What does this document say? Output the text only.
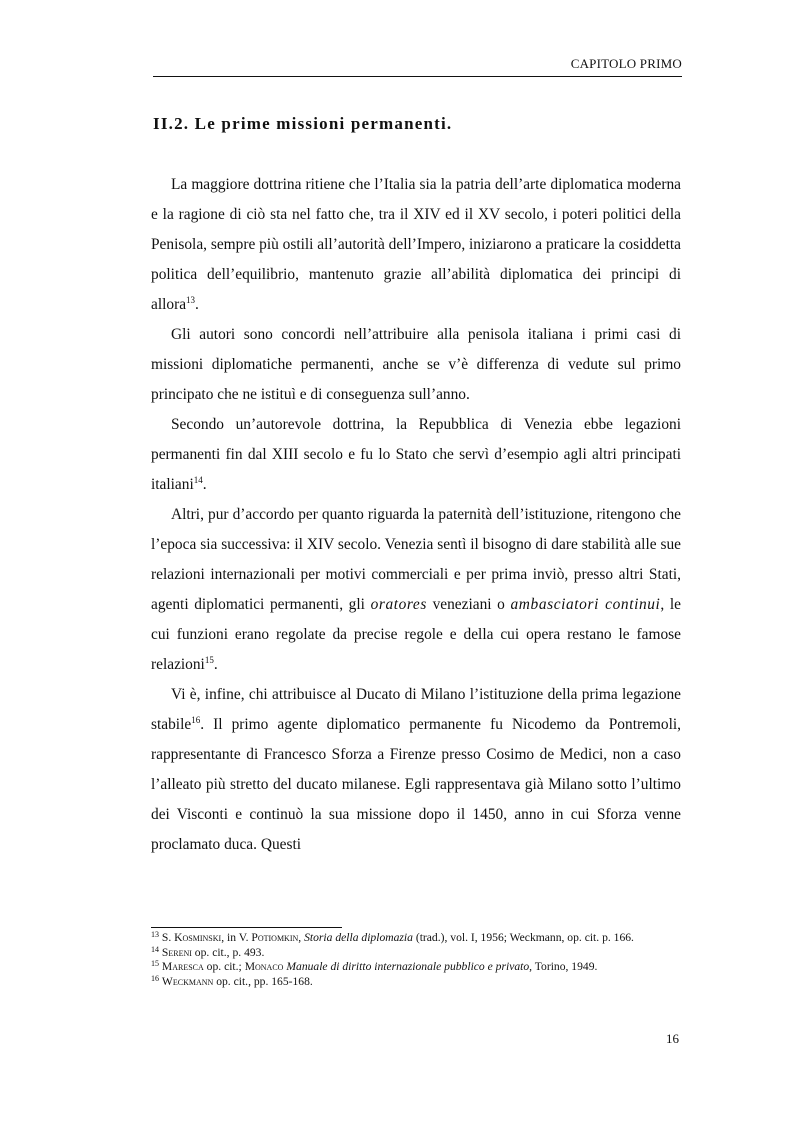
CAPITOLO PRIMO
II.2. Le prime missioni permanenti.

La maggiore dottrina ritiene che l’Italia sia la patria dell’arte diplomatica moderna e la ragione di ciò sta nel fatto che, tra il XIV ed il XV secolo, i poteri politici della Penisola, sempre più ostili all’autorità dell’Impero, iniziarono a praticare la cosiddetta politica dell’equilibrio, mantenuto grazie all’abilità diplomatica dei principi di allora$^{13}$.

Gli autori sono concordi nell’attribuire alla penisola italiana i primi casi di missioni diplomatiche permanenti, anche se v’è differenza di vedute sul primo principato che ne istituì e di conseguenza sull’anno.

Secondo un’autorevole dottrina, la Repubblica di Venezia ebbe legazioni permanenti fin dal XIII secolo e fu lo Stato che servì d’esempio agli altri principati italiani$^{14}$.

Altri, pur d’accordo per quanto riguarda la paternità dell’istituzione, ritengono che l’epoca sia successiva: il XIV secolo. Venezia sentì il bisogno di dare stabilità alle sue relazioni internazionali per motivi commerciali e per prima inviò, presso altri Stati, agenti diplomatici permanenti, gli oratores veneziani o ambasciatori continui, le cui funzioni erano regolate da precise regole e della cui opera restano le famose relazioni$^{15}$.

Vi è, infine, chi attribuisce al Ducato di Milano l’istituzione della prima legazione stabile$^{16}$. Il primo agente diplomatico permanente fu Nicodemo da Pontremoli, rappresentante di Francesco Sforza a Firenze presso Cosimo de Medici, non a caso l’alleato più stretto del ducato milanese. Egli rappresentava già Milano sotto l’ultimo dei Visconti e continuò la sua missione dopo il 1450, anno in cui Sforza venne proclamato duca. Questi

$^{13}$ S. Kosminski, in V. Potiomkin, Storia della diplomazia (trad.), vol. I, 1956; Weckmann, op. cit. p. 166.

$^{14}$ Sereni op. cit., p. 493.

$^{15}$ Maresca op. cit.; Monaco Manuale di diritto internazionale pubblico e privato, Torino, 1949.

$^{16}$ Weckmann op. cit., pp. 165-168.

16
